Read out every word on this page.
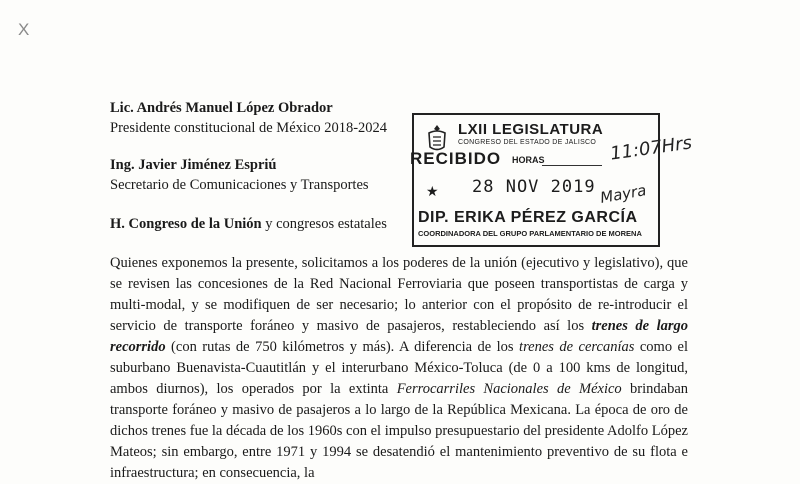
X
Lic. Andrés Manuel López Obrador
Presidente constitucional de México 2018-2024
Ing. Javier Jiménez Espriú
Secretario de Comunicaciones y Transportes
H. Congreso de la Unión y congresos estatales
LXII LEGISLATURA
CONGRESO DEL ESTADO DE JALISCO
RECIBIDO HORAS
★ 28 NOV 2019
DIP. ERIKA PÉREZ GARCÍA
COORDINADORA DEL GRUPO PARLAMENTARIO DE MORENA
11:07Hrs
Mayra
Quienes exponemos la presente, solicitamos a los poderes de la unión (ejecutivo y legislativo), que se revisen las concesiones de la Red Nacional Ferroviaria que poseen transportistas de carga y multi-modal, y se modifiquen de ser necesario; lo anterior con el propósito de re-introducir el servicio de transporte foráneo y masivo de pasajeros, restableciendo así los trenes de largo recorrido (con rutas de 750 kilómetros y más). A diferencia de los trenes de cercanías como el suburbano Buenavista-Cuautitlán y el interurbano México-Toluca (de 0 a 100 kms de longitud, ambos diurnos), los operados por la extinta Ferrocarriles Nacionales de México brindaban transporte foráneo y masivo de pasajeros a lo largo de la República Mexicana. La época de oro de dichos trenes fue la década de los 1960s con el impulso presupuestario del presidente Adolfo López Mateos; sin embargo, entre 1971 y 1994 se desatendió el mantenimiento preventivo de su flota e infraestructura; en consecuencia, la
